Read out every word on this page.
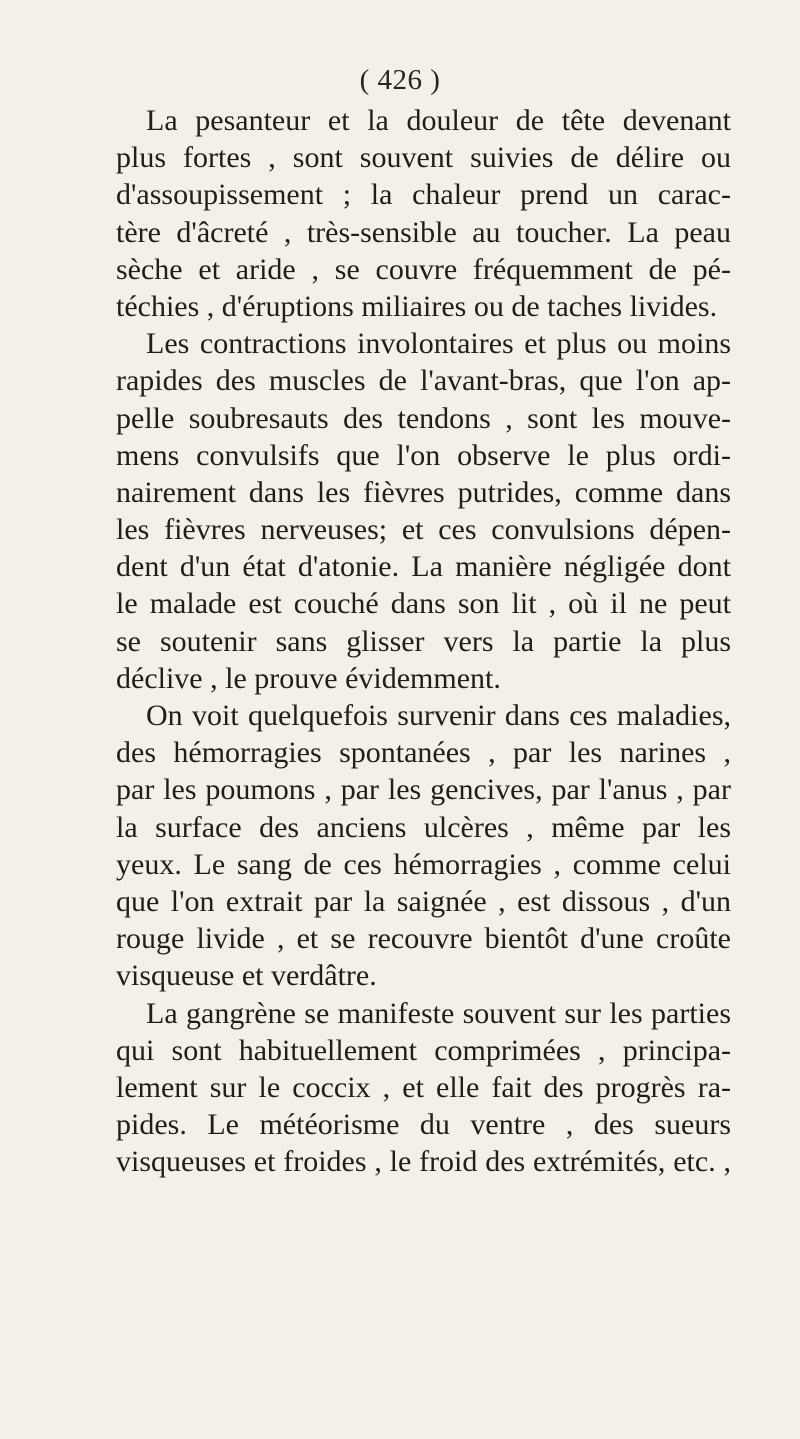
( 426 )
La pesanteur et la douleur de tête devenant
plus fortes , sont souvent suivies de délire ou
d'assoupissement ; la chaleur prend un carac-
tère d'âcreté , très-sensible au toucher. La peau
sèche et aride , se couvre fréquemment de pé-
téchies , d'éruptions miliaires ou de taches livides.
Les contractions involontaires et plus ou moins
rapides des muscles de l'avant-bras, que l'on ap-
pelle soubresauts des tendons , sont les mouve-
mens convulsifs que l'on observe le plus ordi-
nairement dans les fièvres putrides, comme dans
les fièvres nerveuses; et ces convulsions dépen-
dent d'un état d'atonie. La manière négligée dont
le malade est couché dans son lit , où il ne peut
se soutenir sans glisser vers la partie la plus
déclive , le prouve évidemment.
On voit quelquefois survenir dans ces maladies,
des hémorragies spontanées , par les narines ,
par les poumons , par les gencives, par l'anus , par
la surface des anciens ulcères , même par les
yeux. Le sang de ces hémorragies , comme celui
que l'on extrait par la saignée , est dissous , d'un
rouge livide , et se recouvre bientôt d'une croûte
visqueuse et verdâtre.
La gangrène se manifeste souvent sur les parties
qui sont habituellement comprimées , principa-
lement sur le coccix , et elle fait des progrès ra-
pides. Le météorisme du ventre , des sueurs
visqueuses et froides , le froid des extrémités, etc. ,
